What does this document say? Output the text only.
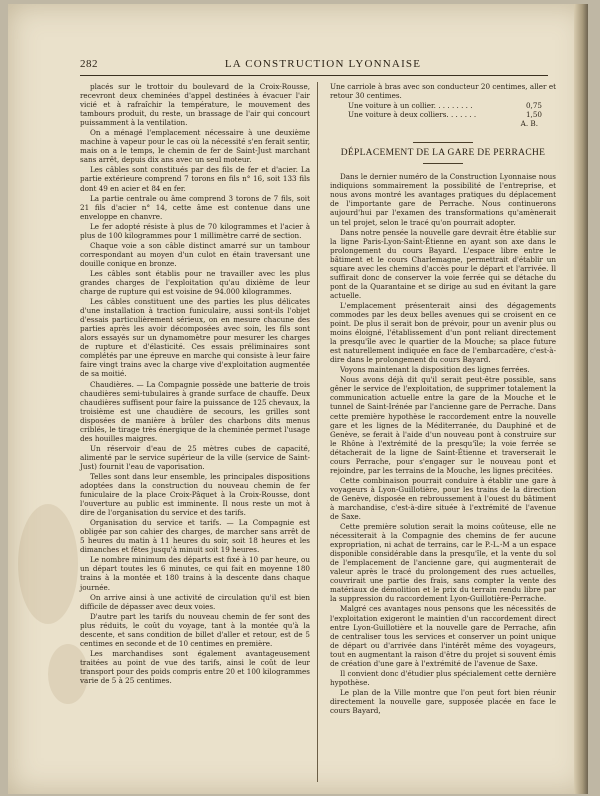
282	LA CONSTRUCTION LYONNAISE

placés sur le trottoir du boulevard de la Croix-Rousse, recevront deux cheminées d'appel destinées à évacuer l'air vicié et à rafraîchir la température, le mouvement des tambours produit, du reste, un brassage de l'air qui concourt puissamment à la ventilation.

On a ménagé l'emplacement nécessaire à une deuxième machine à vapeur pour le cas où la nécessité s'en ferait sentir, mais on a le temps, le chemin de fer de Saint-Just marchant sans arrêt, depuis dix ans avec un seul moteur.

Les câbles sont constitués par des fils de fer et d'acier. La partie extérieure comprend 7 torons en fils n° 16, soit 133 fils dont 49 en acier et 84 en fer.

La partie centrale ou âme comprend 3 torons de 7 fils, soit 21 fils d'acier n° 14, cette âme est contenue dans une enveloppe en chanvre.

Le fer adopté résiste à plus de 70 kilogrammes et l'acier à plus de 100 kilogrammes pour 1 millimètre carré de section.

Chaque voie a son câble distinct amarré sur un tambour correspondant au moyen d'un culot en étain traversant une douille conique en bronze.

Les câbles sont établis pour ne travailler avec les plus grandes charges de l'exploitation qu'au dixième de leur charge de rupture qui est voisine de 94.000 kilogrammes.

Les câbles constituent une des parties les plus délicates d'une installation à traction funiculaire, aussi sont-ils l'objet d'essais particulièrement sérieux, on en mesure chacune des parties après les avoir décomposées avec soin, les fils sont alors essayés sur un dynamomètre pour mesurer les charges de rupture et d'élasticité. Ces essais préliminaires sont complétés par une épreuve en marche qui consiste à leur faire faire vingt trains avec la charge vive d'exploitation augmentée de sa moitié.

Chaudières. — La Compagnie possède une batterie de trois chaudières semi-tubulaires à grande surface de chauffe. Deux chaudières suffisent pour faire la puissance de 125 chevaux, la troisième est une chaudière de secours, les grilles sont disposées de manière à brûler des charbons dits menus criblés, le tirage très énergique de la cheminée permet l'usage des houilles maigres.

Un réservoir d'eau de 25 mètres cubes de capacité, alimenté par le service supérieur de la ville (service de Saint-Just) fournit l'eau de vaporisation.

Telles sont dans leur ensemble, les principales dispositions adoptées dans la construction du nouveau chemin de fer funiculaire de la place Croix-Pâquet à la Croix-Rousse, dont l'ouverture au public est imminente. Il nous reste un mot à dire de l'organisation du service et des tarifs.

Organisation du service et tarifs. — La Compagnie est obligée par son cahier des charges, de marcher sans arrêt de 5 heures du matin à 11 heures du soir, soit 18 heures et les dimanches et fêtes jusqu'à minuit soit 19 heures.

Le nombre minimum des départs est fixé à 10 par heure, ou un départ toutes les 6 minutes, ce qui fait en moyenne 180 trains à la montée et 180 trains à la descente dans chaque journée.

On arrive ainsi à une activité de circulation qu'il est bien difficile de dépasser avec deux voies.

D'autre part les tarifs du nouveau chemin de fer sont des plus réduits, le coût du voyage, tant à la montée qu'à la descente, et sans condition de billet d'aller et retour, est de 5 centimes en seconde et de 10 centimes en première.

Les marchandises sont également avantageusement traitées au point de vue des tarifs, ainsi le coût de leur transport pour des poids compris entre 20 et 100 kilogrammes varie de 5 à 25 centimes.

Une carriole à bras avec son conducteur 20 centimes, aller et retour 30 centimes.

Une voiture à un collier. . . . . . . . .	0,75
Une voiture à deux colliers. . . . . . .	1,50
A. B.
DÉPLACEMENT DE LA GARE DE PERRACHE

Dans le dernier numéro de la Construction Lyonnaise nous indiquions sommairement la possibilité de l'entreprise, et nous avons montré les avantages pratiques du déplacement de l'importante gare de Perrache. Nous continuerons aujourd'hui par l'examen des transformations qu'amènerait un tel projet, selon le tracé qu'on pourrait adopter.

Dans notre pensée la nouvelle gare devrait être établie sur la ligne Paris-Lyon-Saint-Étienne en ayant son axe dans le prolongement du cours Bayard. L'espace libre entre le bâtiment et le cours Charlemagne, permettrait d'établir un square avec les chemins d'accès pour le départ et l'arrivée. Il suffirait donc de conserver la voie ferrée qui se détache du pont de la Quarantaine et se dirige au sud en évitant la gare actuelle.

L'emplacement présenterait ainsi des dégagements commodes par les deux belles avenues qui se croisent en ce point. De plus il serait bon de prévoir, pour un avenir plus ou moins éloigné, l'établissement d'un pont reliant directement la presqu'île avec le quartier de la Mouche; sa place future est naturellement indiquée en face de l'embarcadère, c'est-à-dire dans le prolongement du cours Bayard.

Voyons maintenant la disposition des lignes ferrées.

Nous avons déjà dit qu'il serait peut-être possible, sans gêner le service de l'exploitation, de supprimer totalement la communication actuelle entre la gare de la Mouche et le tunnel de Saint-Irénée par l'ancienne gare de Perrache. Dans cette première hypothèse le raccordement entre la nouvelle gare et les lignes de la Méditerranée, du Dauphiné et de Genève, se ferait à l'aide d'un nouveau pont à construire sur le Rhône à l'extrémité de la presqu'île; la voie ferrée se détacherait de la ligne de Saint-Étienne et traverserait le cours Perrache, pour s'engager sur le nouveau pont et rejoindre, par les terrains de la Mouche, les lignes précitées.

Cette combinaison pourrait conduire à établir une gare à voyageurs à Lyon-Guillotière, pour les trains de la direction de Genève, disposée en rebroussement à l'ouest du bâtiment à marchandise, c'est-à-dire située à l'extrémité de l'avenue de Saxe.

Cette première solution serait la moins coûteuse, elle ne nécessiterait à la Compagnie des chemins de fer aucune expropriation, ni achat de terrains, car le P.-L.-M a un espace disponible considérable dans la presqu'île, et la vente du sol de l'emplacement de l'ancienne gare, qui augmenterait de valeur après le tracé du prolongement des rues actuelles, couvrirait une partie des frais, sans compter la vente des matériaux de démolition et le prix du terrain rendu libre par la suppression du raccordement Lyon-Guillotière-Perrache.

Malgré ces avantages nous pensons que les nécessités de l'exploitation exigeront le maintien d'un raccordement direct entre Lyon-Guillotière et la nouvelle gare de Perrache, afin de centraliser tous les services et conserver un point unique de départ ou d'arrivée dans l'intérêt même des voyageurs, tout en augmentant la raison d'être du projet si souvent émis de création d'une gare à l'extrémité de l'avenue de Saxe.

Il convient donc d'étudier plus spécialement cette dernière hypothèse.

Le plan de la Ville montre que l'on peut fort bien réunir directement la nouvelle gare, supposée placée en face le cours Bayard,
